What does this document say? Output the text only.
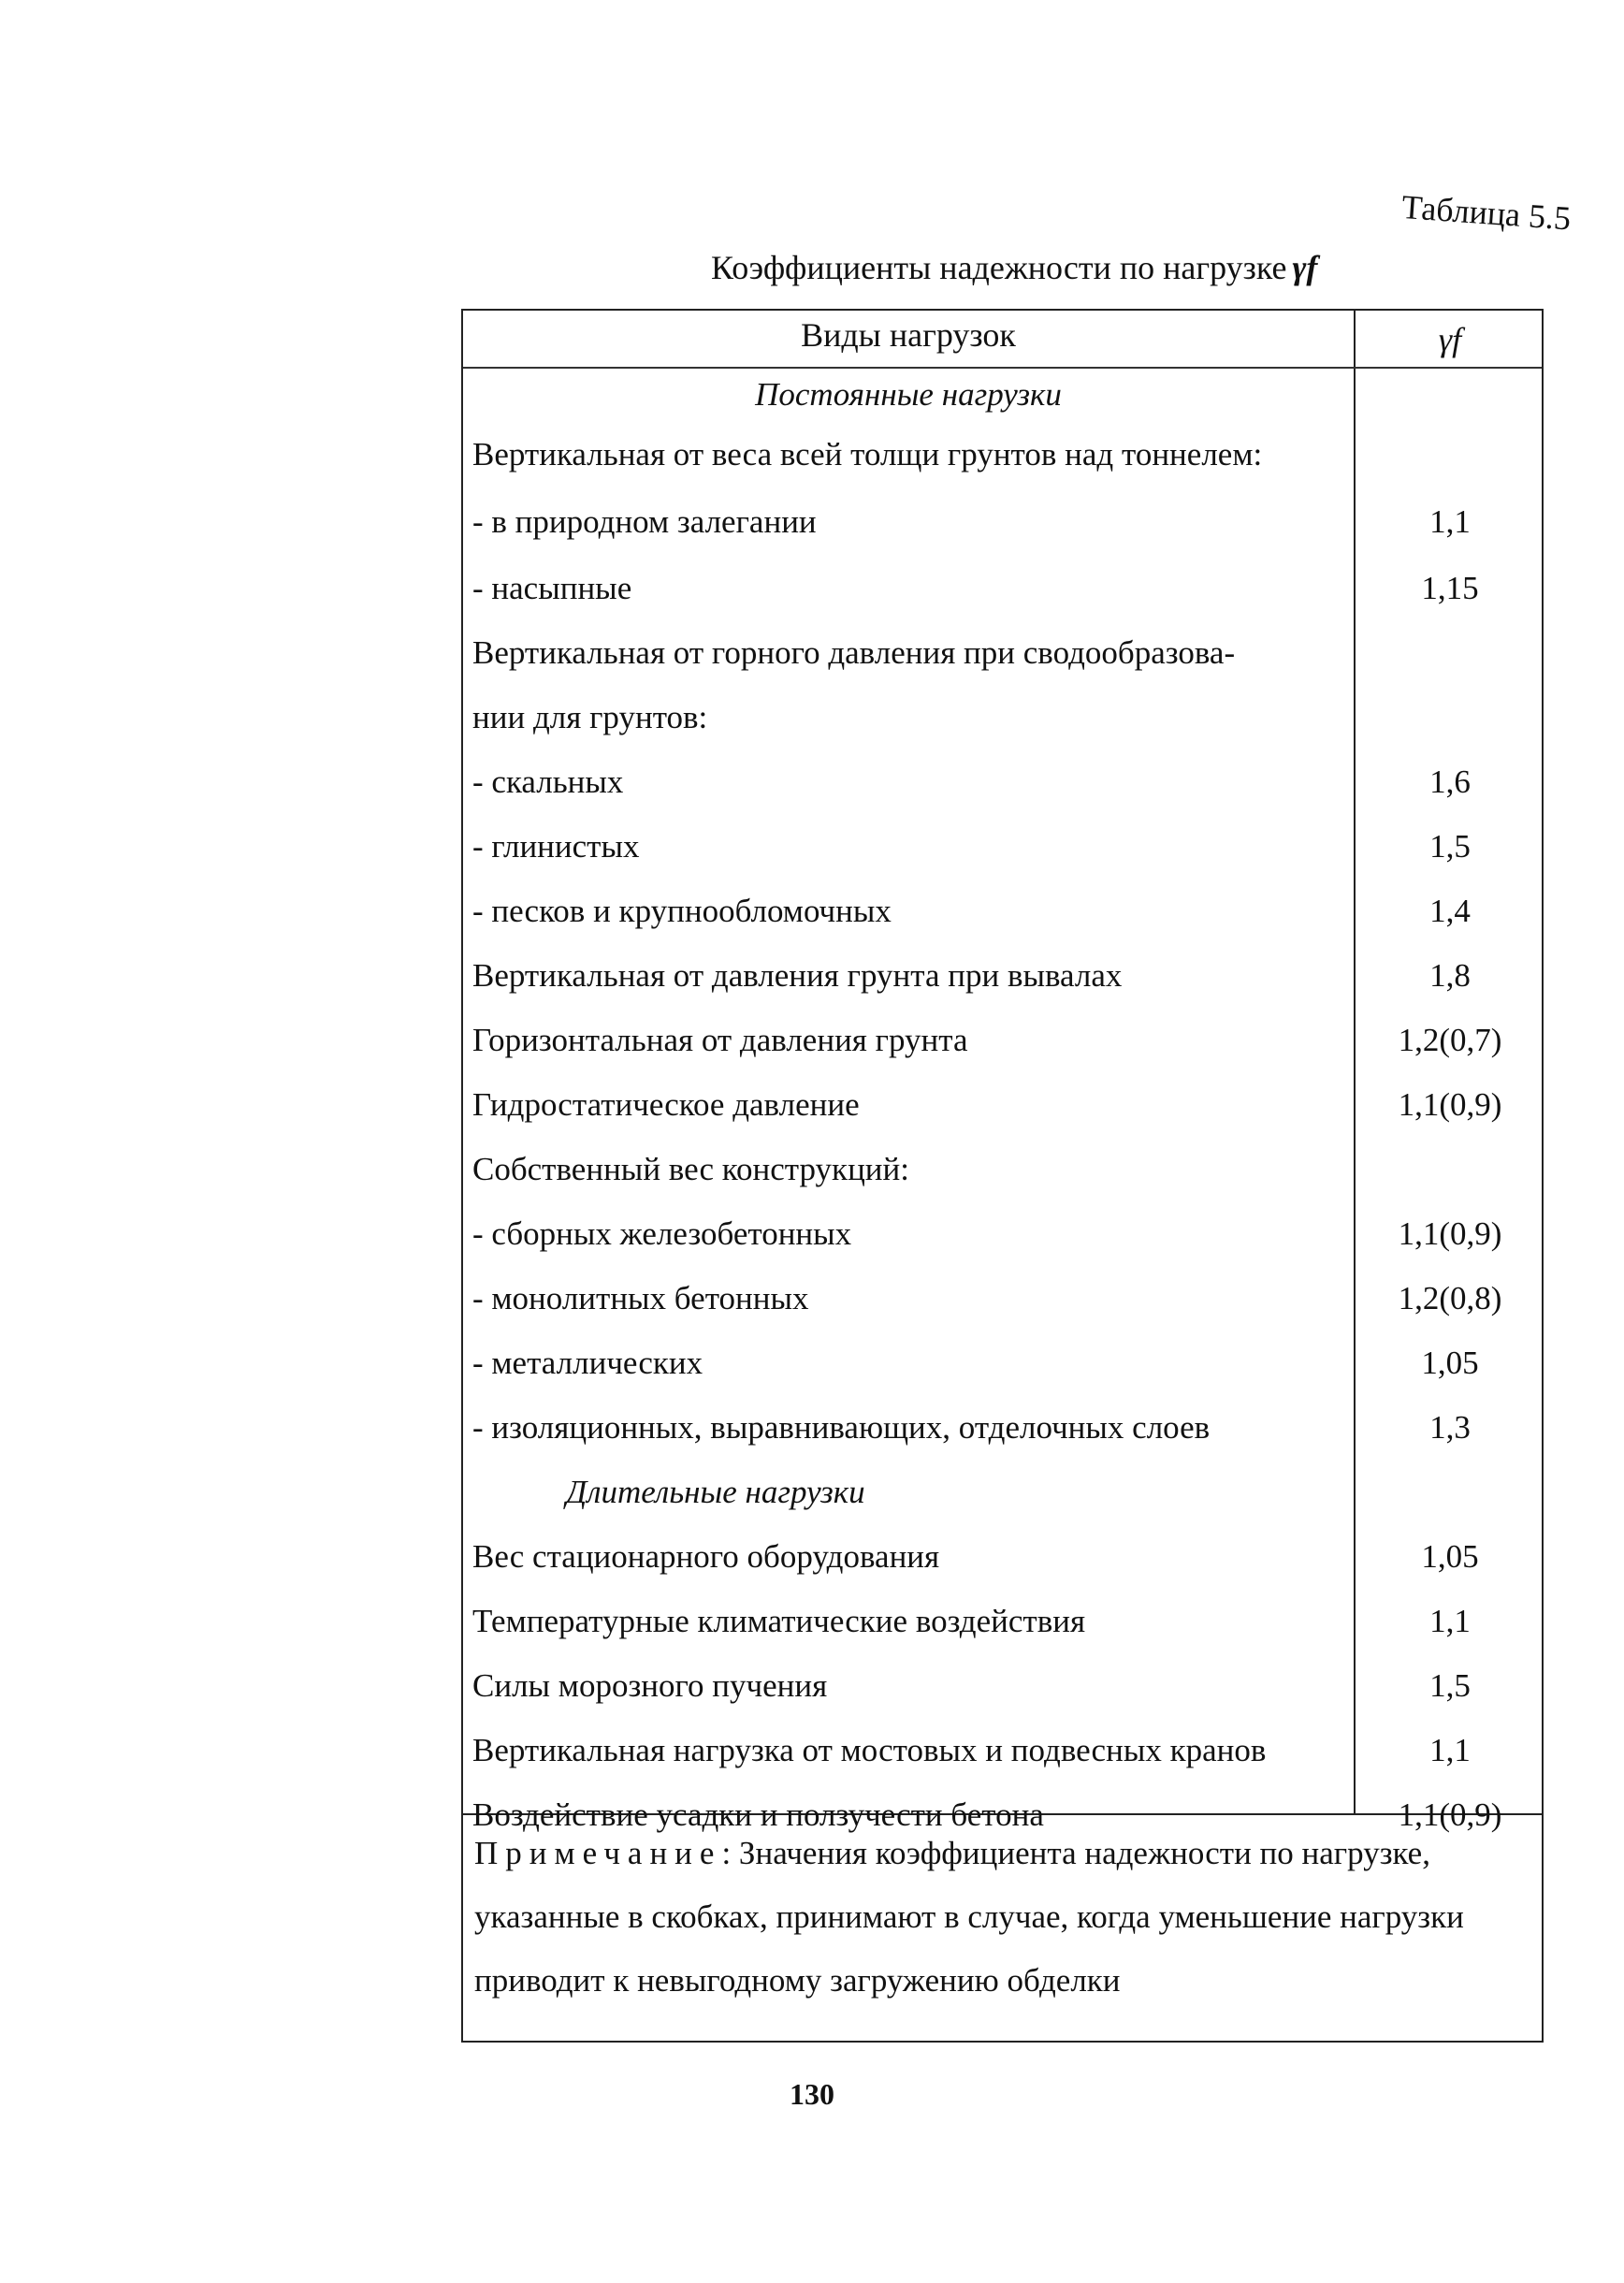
Таблица 5.5
Коэффициенты надежности по нагрузке γf
Виды нагрузок	γf
Постоянные нагрузки
Вертикальная от веса всей толщи грунтов над тоннелем:
- в природном залегании	1,1
- насыпные	1,15
Вертикальная от горного давления при сводообразова-
нии для грунтов:
- скальных	1,6
- глинистых	1,5
- песков и крупнообломочных	1,4
Вертикальная от давления грунта при вывалах	1,8
Горизонтальная от давления грунта	1,2(0,7)
Гидростатическое давление	1,1(0,9)
Собственный вес конструкций:
- сборных железобетонных	1,1(0,9)
- монолитных бетонных	1,2(0,8)
- металлических	1,05
- изоляционных, выравнивающих, отделочных слоев	1,3
Длительные нагрузки
Вес стационарного оборудования	1,05
Температурные климатические воздействия	1,1
Силы морозного пучения	1,5
Вертикальная нагрузка от мостовых и подвесных кранов	1,1
Воздействие усадки и ползучести бетона	1,1(0,9)
Примечание: Значения коэффициента надежности по нагрузке, указанные в скобках, принимают в случае, когда уменьшение нагрузки приводит к невыгодному загружению обделки
130
